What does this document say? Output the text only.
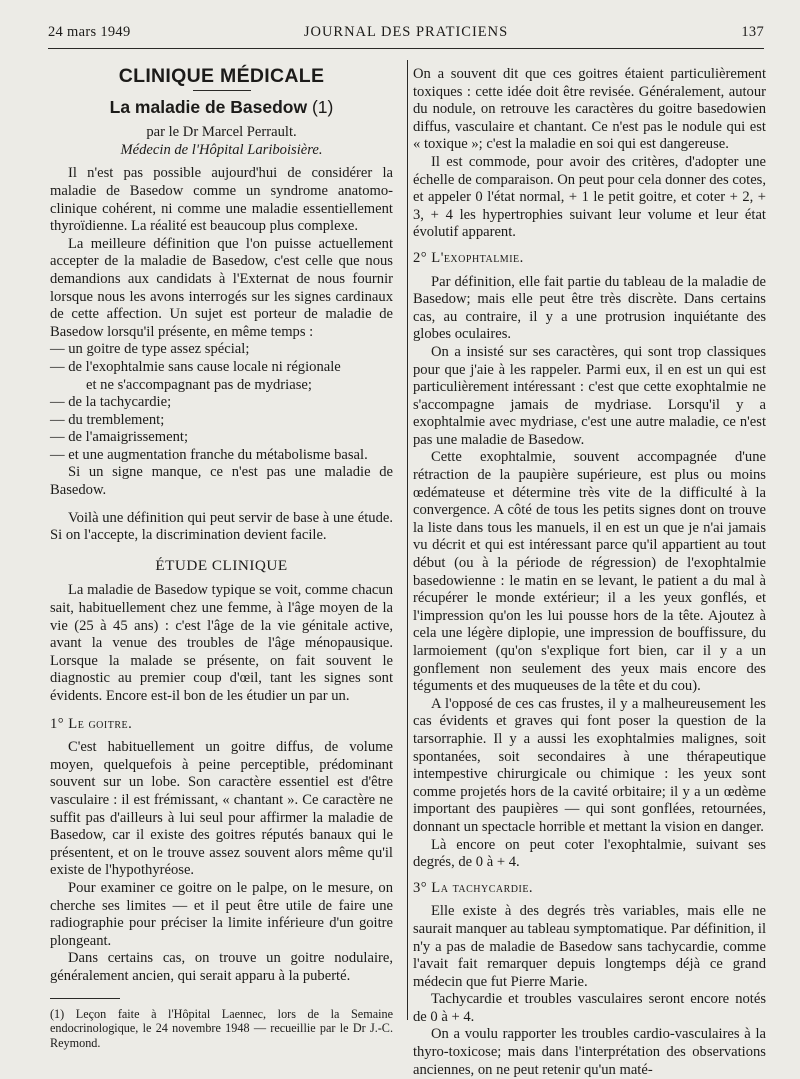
24 mars 1949	JOURNAL DES PRATICIENS	137
CLINIQUE MÉDICALE
La maladie de Basedow (1)

par le Dr Marcel Perrault.

Médecin de l'Hôpital Lariboisière.

Il n'est pas possible aujourd'hui de considérer la maladie de Basedow comme un syndrome anatomo-clinique cohérent, ni comme une maladie essentiellement thyroïdienne. La réalité est beaucoup plus complexe.

La meilleure définition que l'on puisse actuellement accepter de la maladie de Basedow, c'est celle que nous demandions aux candidats à l'Externat de nous fournir lorsque nous les avons interrogés sur les signes cardinaux de cette affection. Un sujet est porteur de maladie de Basedow lorsqu'il présente, en même temps :

— un goitre de type assez spécial;

— de l'exophtalmie sans cause locale ni régionale

et ne s'accompagnant pas de mydriase;

— de la tachycardie;

— du tremblement;

— de l'amaigrissement;

— et une augmentation franche du métabolisme basal.

Si un signe manque, ce n'est pas une maladie de Basedow.

Voilà une définition qui peut servir de base à une étude. Si on l'accepte, la discrimination devient facile.

ÉTUDE CLINIQUE

La maladie de Basedow typique se voit, comme chacun sait, habituellement chez une femme, à l'âge moyen de la vie (25 à 45 ans) : c'est l'âge de la vie génitale active, avant la venue des troubles de l'âge ménopausique. Lorsque la malade se présente, on fait souvent le diagnostic au premier coup d'œil, tant les signes sont évidents. Encore est-il bon de les étudier un par un.

1° Le goitre.

C'est habituellement un goitre diffus, de volume moyen, quelquefois à peine perceptible, prédominant souvent sur un lobe. Son caractère essentiel est d'être vasculaire : il est frémissant, « chantant ». Ce caractère ne suffit pas d'ailleurs à lui seul pour affirmer la maladie de Basedow, car il existe des goitres réputés banaux qui le présentent, et on le trouve assez souvent alors même qu'il existe de l'hypothyréose.

Pour examiner ce goitre on le palpe, on le mesure, on cherche ses limites — et il peut être utile de faire une radiographie pour préciser la limite inférieure d'un goitre plongeant.

Dans certains cas, on trouve un goitre nodulaire, généralement ancien, qui serait apparu à la puberté.

(1) Leçon faite à l'Hôpital Laennec, lors de la Semaine endocrinologique, le 24 novembre 1948 — recueillie par le Dr J.-C. Reymond.

On a souvent dit que ces goitres étaient particulièrement toxiques : cette idée doit être revisée. Généralement, autour du nodule, on retrouve les caractères du goitre basedowien diffus, vasculaire et chantant. Ce n'est pas le nodule qui est « toxique »; c'est la maladie en soi qui est dangereuse.

Il est commode, pour avoir des critères, d'adopter une échelle de comparaison. On peut pour cela donner des cotes, et appeler 0 l'état normal, + 1 le petit goitre, et coter + 2, + 3, + 4 les hypertrophies suivant leur volume et leur état évolutif apparent.

2° L'exophtalmie.

Par définition, elle fait partie du tableau de la maladie de Basedow; mais elle peut être très discrète. Dans certains cas, au contraire, il y a une protrusion inquiétante des globes oculaires.

On a insisté sur ses caractères, qui sont trop classiques pour que j'aie à les rappeler. Parmi eux, il en est un qui est particulièrement intéressant : c'est que cette exophtalmie ne s'accompagne jamais de mydriase. Lorsqu'il y a exophtalmie avec mydriase, c'est une autre maladie, ce n'est pas une maladie de Basedow.

Cette exophtalmie, souvent accompagnée d'une rétraction de la paupière supérieure, est plus ou moins œdémateuse et détermine très vite de la difficulté à la convergence. A côté de tous les petits signes dont on trouve la liste dans tous les manuels, il en est un que je n'ai jamais vu décrit et qui est intéressant parce qu'il appartient au tout début (ou à la période de régression) de l'exophtalmie basedowienne : le matin en se levant, le patient a du mal à récupérer le monde extérieur; il a les yeux gonflés, et l'impression qu'on les lui pousse hors de la tête. Ajoutez à cela une légère diplopie, une impression de bouffissure, du larmoiement (qu'on s'explique fort bien, car il y a un gonflement non seulement des yeux mais encore des téguments et des muqueuses de la tête et du cou).

A l'opposé de ces cas frustes, il y a malheureusement les cas évidents et graves qui font poser la question de la tarsorraphie. Il y a aussi les exophtalmies malignes, soit spontanées, soit secondaires à une thérapeutique intempestive chirurgicale ou chimique : les yeux sont comme projetés hors de la cavité orbitaire; il y a un œdème important des paupières — qui sont gonflées, retournées, donnant un spectacle horrible et mettant la vision en danger.

Là encore on peut coter l'exophtalmie, suivant ses degrés, de 0 à + 4.

3° La tachycardie.

Elle existe à des degrés très variables, mais elle ne saurait manquer au tableau symptomatique. Par définition, il n'y a pas de maladie de Basedow sans tachycardie, comme l'avait fait remarquer depuis longtemps déjà ce grand médecin que fut Pierre Marie.

Tachycardie et troubles vasculaires seront encore notés de 0 à + 4.

On a voulu rapporter les troubles cardio-vasculaires à la thyro-toxicose; mais dans l'interprétation des observations anciennes, on ne peut retenir qu'un maté-
